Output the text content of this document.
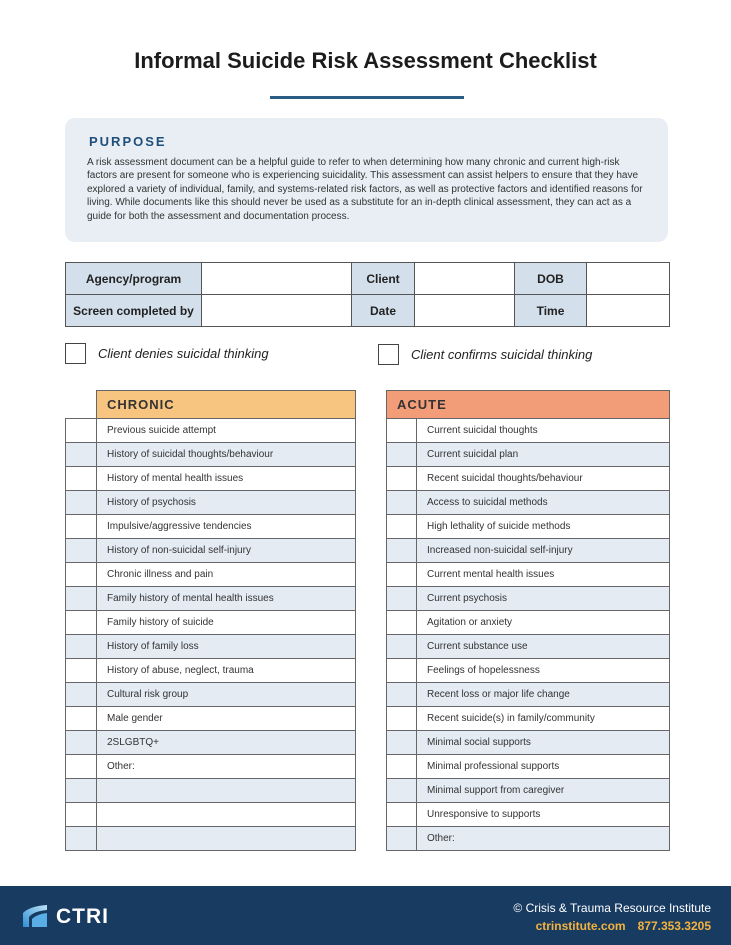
Informal Suicide Risk Assessment Checklist
PURPOSE
A risk assessment document can be a helpful guide to refer to when determining how many chronic and current high-risk factors are present for someone who is experiencing suicidality. This assessment can assist helpers to ensure that they have explored a variety of individual, family, and systems-related risk factors, as well as protective factors and identified reasons for living. While documents like this should never be used as a substitute for an in-depth clinical assessment, they can act as a guide for both the assessment and documentation process.
Agency/program		Client		DOB	
Screen completed by		Date		Time	
Client denies suicidal thinking	Client confirms suicidal thinking
	CHRONIC		ACUTE	
	Previous suicide attempt			Current suicidal thoughts
	History of suicidal thoughts/behaviour			Current suicidal plan
	History of mental health issues			Recent suicidal thoughts/behaviour
	History of psychosis			Access to suicidal methods
	Impulsive/aggressive tendencies			High lethality of suicide methods
	History of non-suicidal self-injury			Increased non-suicidal self-injury
	Chronic illness and pain			Current mental health issues
	Family history of mental health issues			Current psychosis
	Family history of suicide			Agitation or anxiety
	History of family loss			Current substance use
	History of abuse, neglect, trauma			Feelings of hopelessness
	Cultural risk group			Recent loss or major life change
	Male gender			Recent suicide(s) in family/community
	2SLGBTQ+			Minimal social supports
	Other:			Minimal professional supports
				Minimal support from caregiver
				Unresponsive to supports
				Other:
CTRI	© Crisis & Trauma Resource Institute
ctrinstitute.com 877.353.3205
